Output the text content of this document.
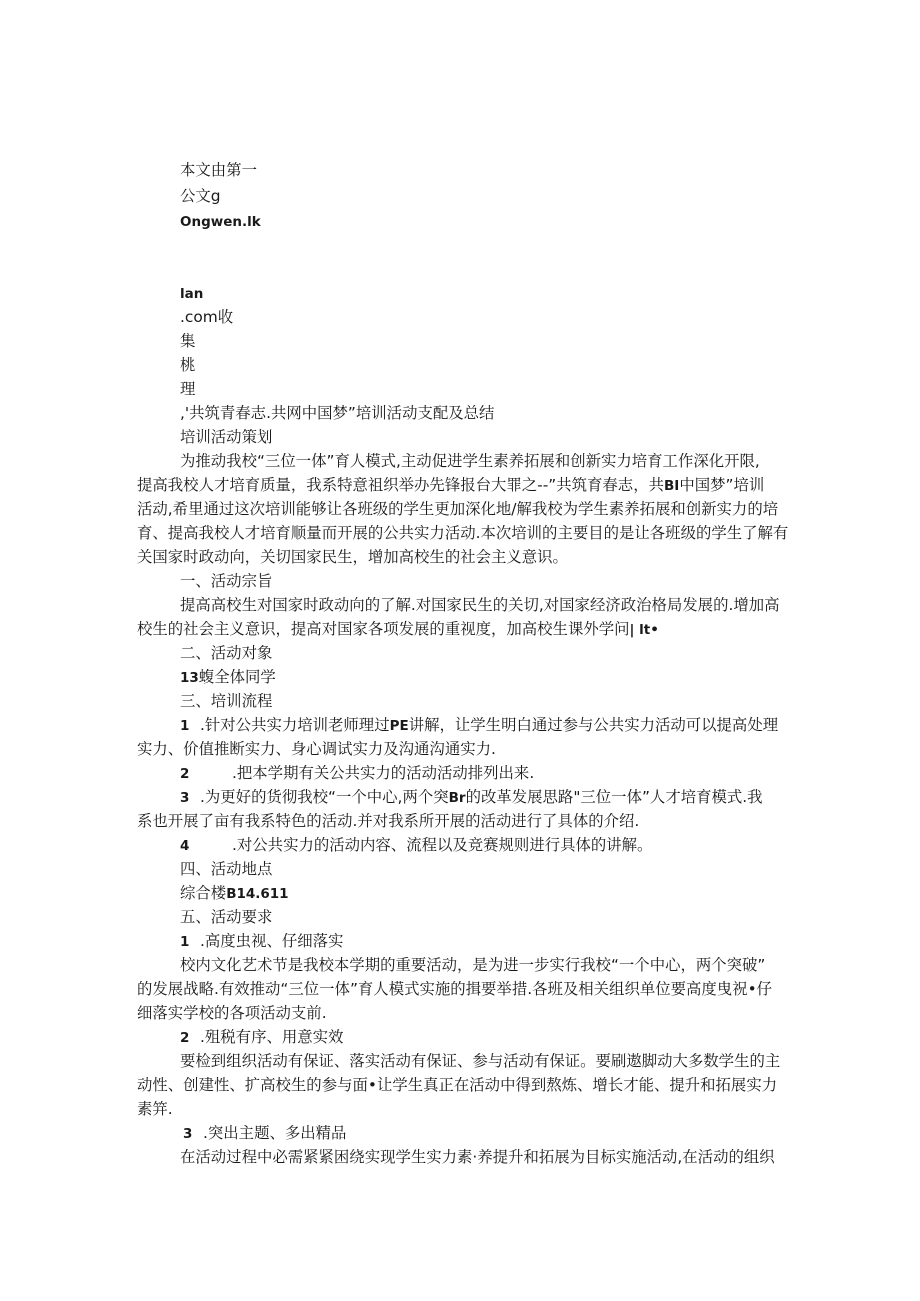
本文由第一
公文g
Ongwen.lk
lan
.com收
集
桃
理
,'共筑青春志.共网中国梦”培训活动支配及总结
培训活动策划
为推动我校“三位一体”育人模式,主动促进学生素养拓展和创新实力培育工作深化开限,
提高我校人才培育质量，我系特意祖织举办先锋报台大罪之--”共筑育春志，共BI中国梦”培训
活动,希里通过这次培训能够让各班级的学生更加深化地/解我校为学生素养拓展和创新实力的培
育、提高我校人才培育顺量而开展的公共实力活动.本次培训的主要目的是让各班级的学生了解有
关国家时政动向，关切国家民生，增加高校生的社会主义意识。
一、活动宗旨
提高高校生对国家时政动向的了解.对国家民生的关切,对国家经济政治格局发展的.增加高
校生的社会主义意识，提高对国家各项发展的重视度，加高校生课外学问| lt•
二、活动对象
13蝮全体同学
三、培训流程
1 .针对公共实力培训老师理过PE讲解，让学生明白通过参与公共实力活动可以提高处理
实力、价值推断实力、身心调试实力及沟通沟通实力.
2	.把本学期有关公共实力的活动活动排列出来.
3 .为更好的货彻我校“一个中心,两个突Br的改革发展思路"三位一体”人才培育模式.我
系也开展了亩有我系特色的活动.并对我系所开展的活动进行了具体的介绍.
4	.对公共实力的活动内容、流程以及竞赛规则进行具体的讲解。
四、活动地点
综合楼B14.611
五、活动要求
1 .高度虫视、仔细落实
校内文化艺术节是我校本学期的重要活动，是为进一步实行我校“一个中心，两个突破”
的发展战略.有效推动“三位一体”育人模式实施的揖要举措.各班及相关组织单位要高度曳祝•仔
细落实学校的各项活动支前.
2 .殂税有序、用意实效
要检到组织活动有保证、落实活动有保证、参与活动有保证。要刷遨脚动大多数学生的主
动性、创建性、扩高校生的参与面•让学生真正在活动中得到熬炼、增长才能、提升和拓展实力
素笄.
3 .突出主题、多出精品
在活动过程中必需紧紧困绕实现学生实力素·养提升和拓展为目标实施活动,在活动的组织
